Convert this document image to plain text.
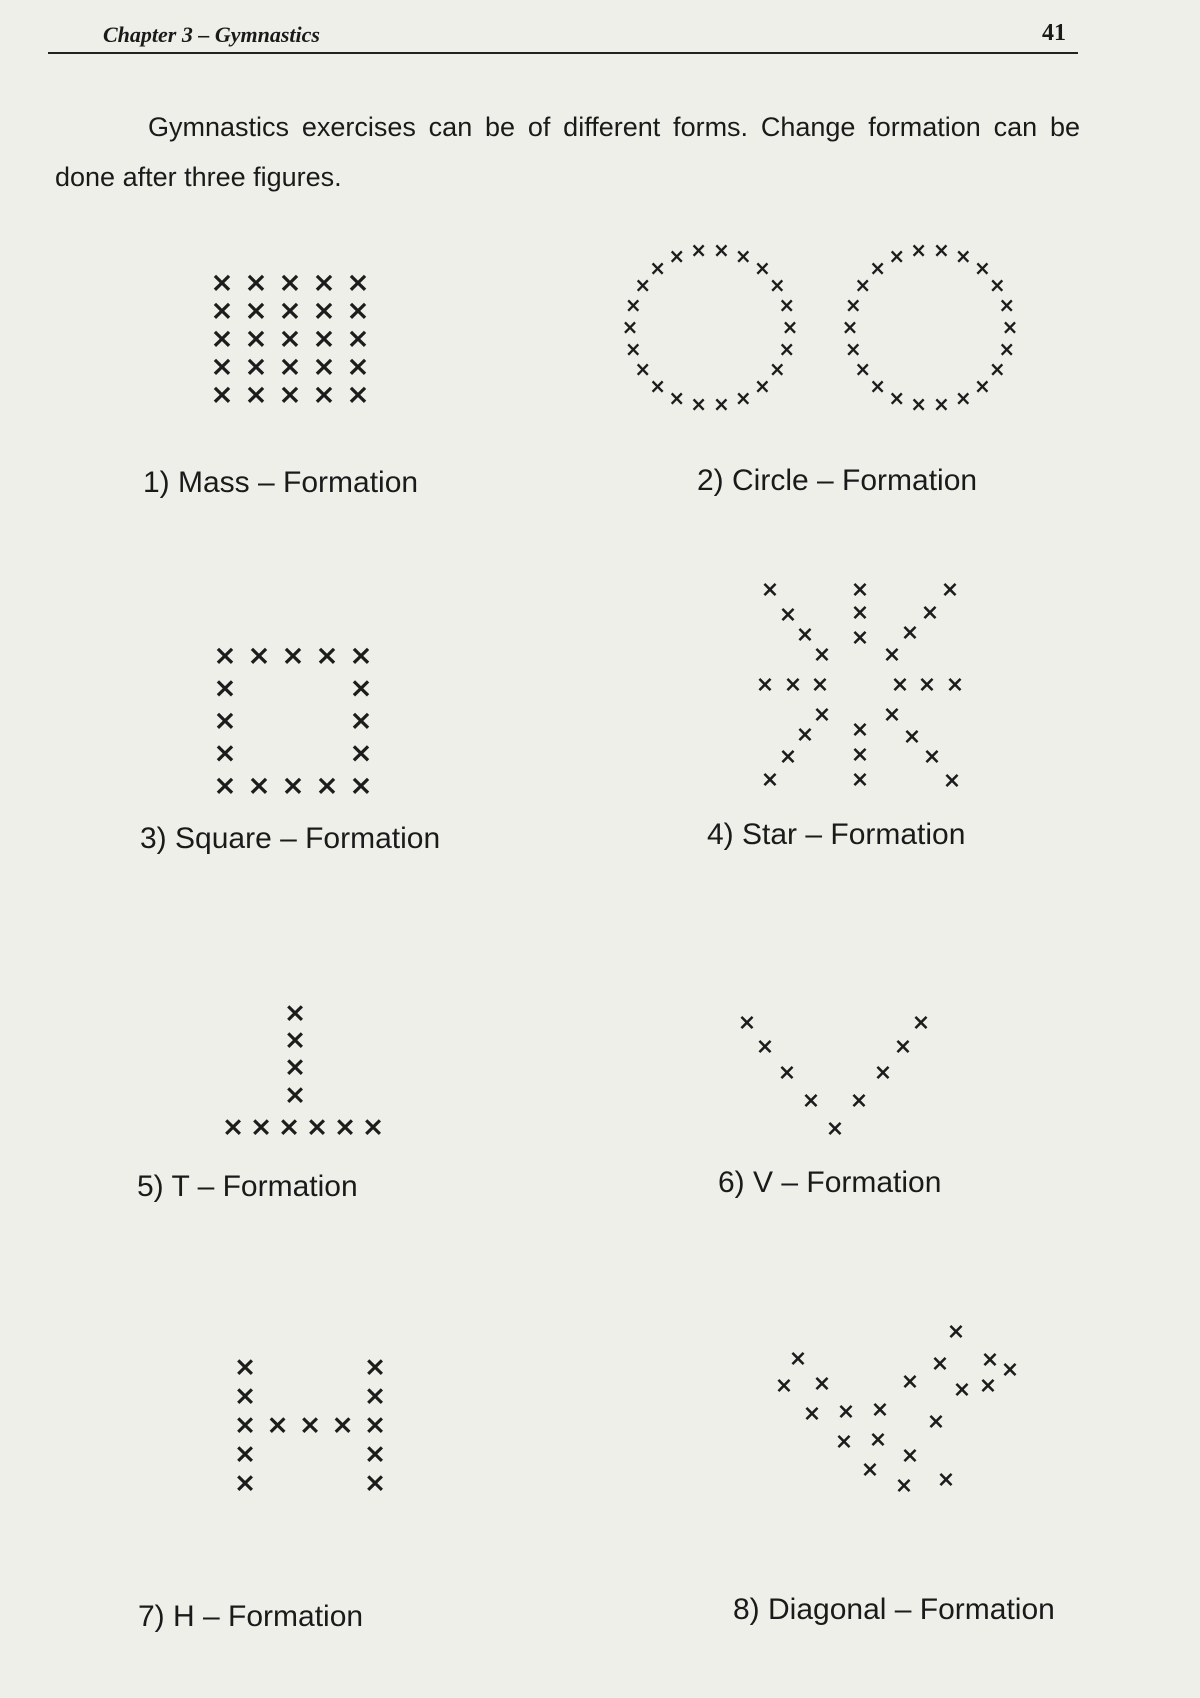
Chapter 3 – Gymnastics	41

Gymnastics exercises can be of different forms. Change formation can be done after three figures.

× × × × ×
× × × × ×
× × × × ×
× × × × ×
× × × × ×
×
×
×
×
×
×
×
×
×
×
×
×
×
×
×
× × × ×
×
×
×
×
×
×
×
×
×
×
×
×
×
×
×
×
×
×
× × × ×
×
×
×
×
×
×
×
×
×
×
×
×
×
×	×
×	×
×	×
×
×
×
×
×
×
× × ×	× × ×
×
×
×
×
×
×
×
×
×
×
×
×
×
×
×
×
×
×
×
×
× × × × × ×
×
×
×
×
×
×
×
×
×
×	×
×	×
×	×
×	×
×	×
× × ×
×
× ×
× ×
×
×
×
×
×
×
×
×
×
×
×
×
×
×
×
1) Mass – Formation	2) Circle – Formation
3) Square – Formation	4) Star – Formation
5) T – Formation	6) V – Formation
7) H – Formation	8) Diagonal – Formation
